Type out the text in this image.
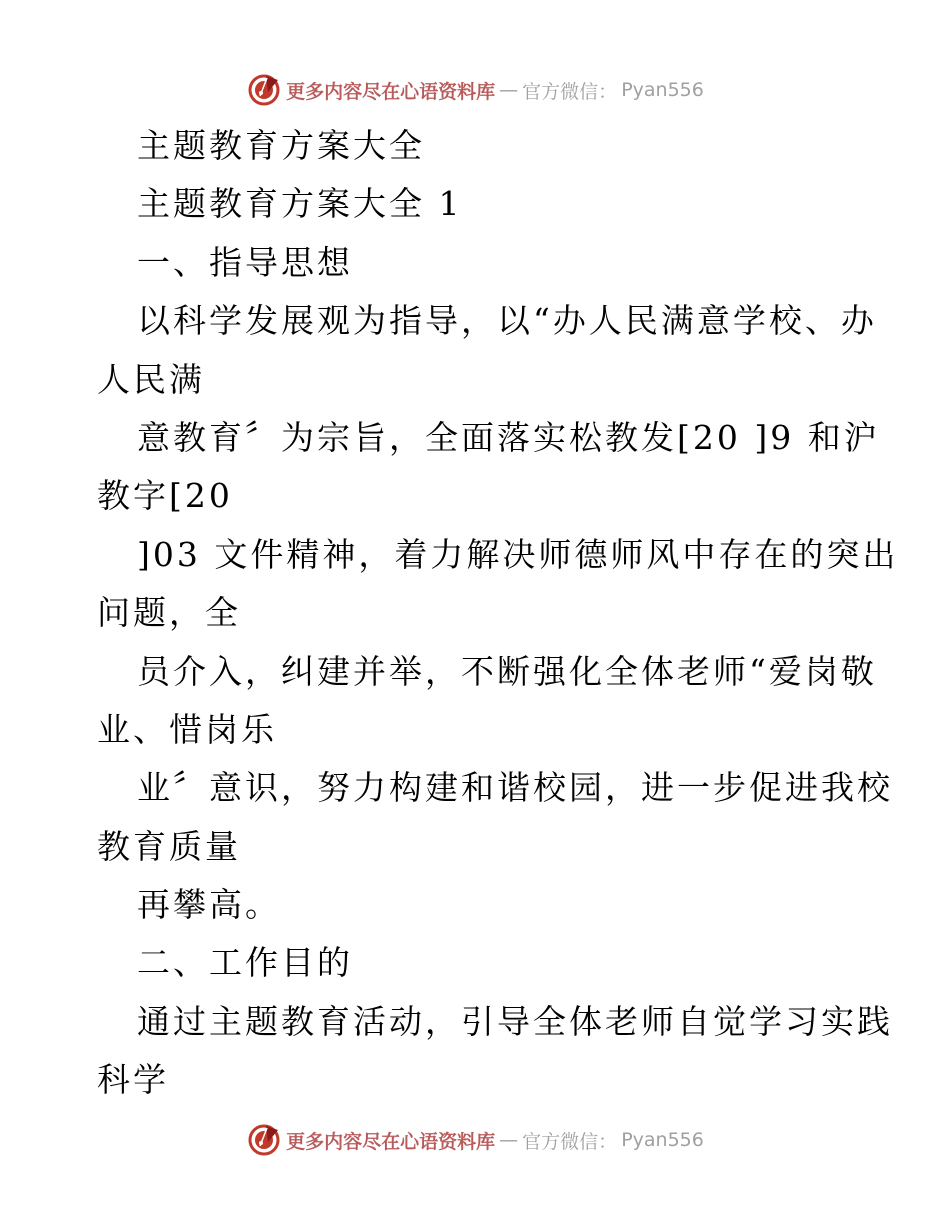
更多内容尽在心语资料库 — 官方微信： Pyan556
主题教育方案大全
主题教育方案大全 1
一、指导思想
以科学发展观为指导，以“办人民满意学校、办
人民满
意教育〞为宗旨，全面落实松教发[20 ]9 和沪
教字[20
]03 文件精神，着力解决师德师风中存在的突出
问题，全
员介入，纠建并举，不断强化全体老师“爱岗敬
业、惜岗乐
业〞意识，努力构建和谐校园，进一步促进我校
教育质量
再攀高。
二、工作目的
通过主题教育活动，引导全体老师自觉学习实践
科学
更多内容尽在心语资料库 — 官方微信： Pyan556
